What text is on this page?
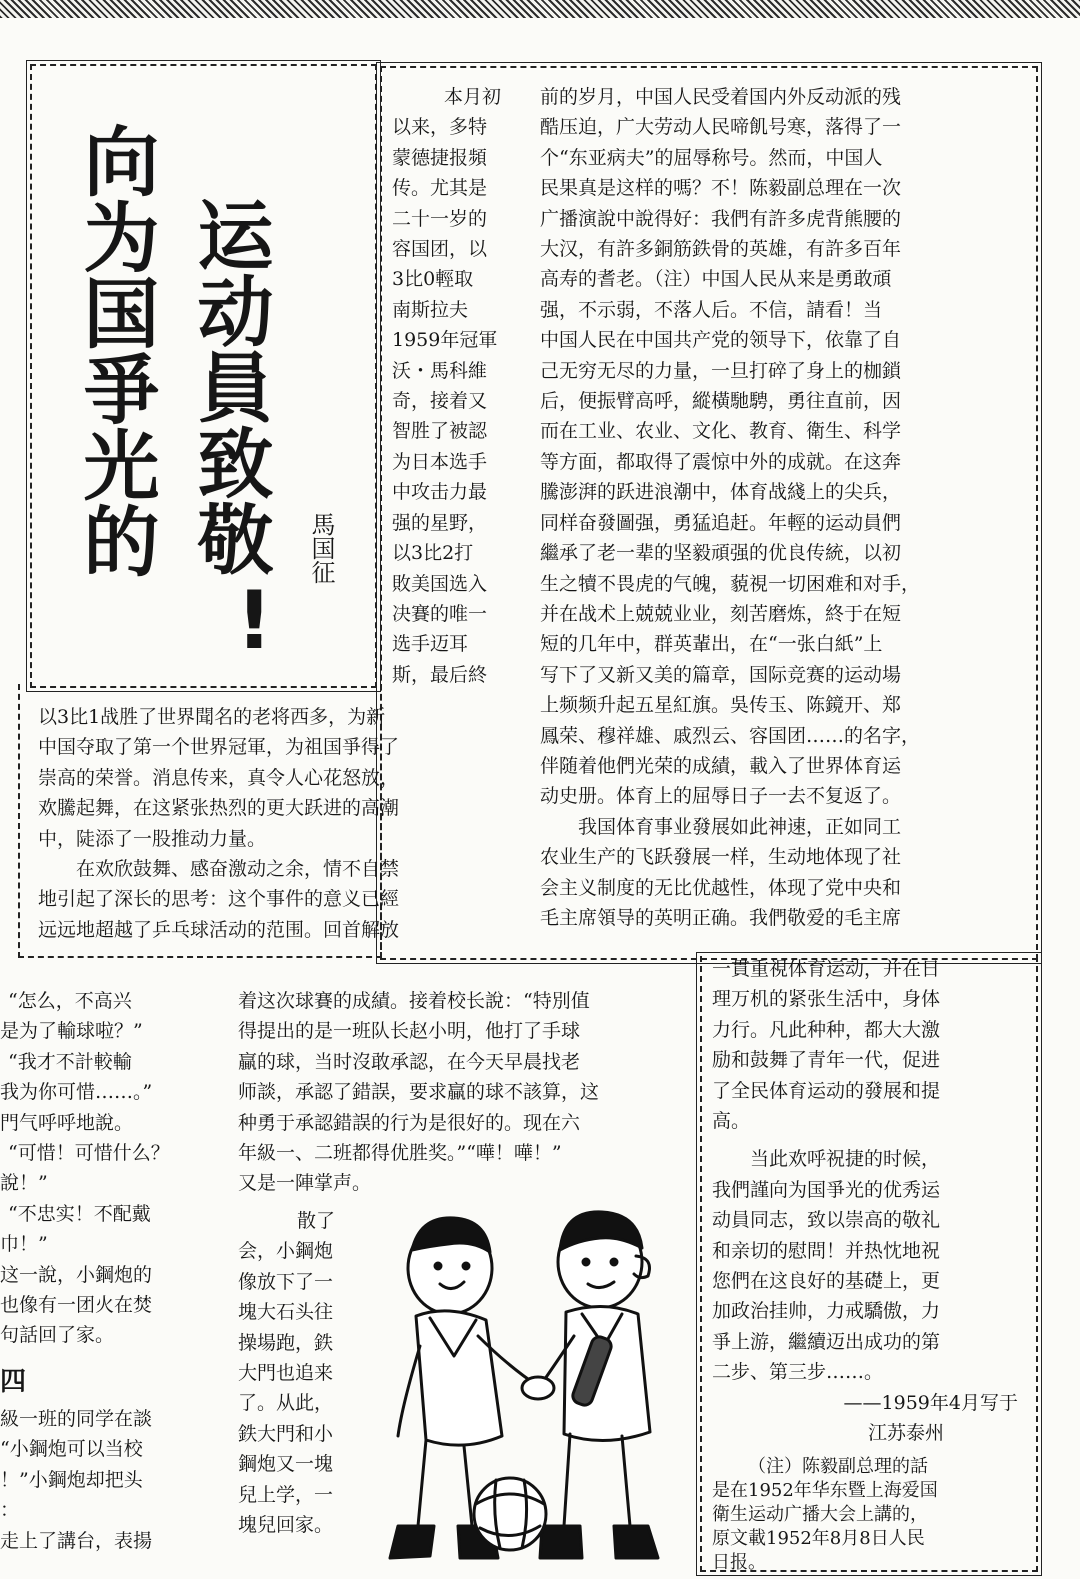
向为国爭光的 运动員致敬
!
馬国征
本月初
以来，多特
蒙德捷报頻
传。尤其是
二十一岁的
容国团，以
3比0輕取
南斯拉夫
1959年冠軍
沃・馬科維
奇，接着又
智胜了被認
为日本选手
中攻击力最
强的星野，
以3比2打
敗美国选入
决賽的唯一
选手迈耳
斯，最后終
以3比1战胜了世界聞名的老将西多，为新
中国夺取了第一个世界冠軍，为祖国爭得了
崇高的荣誉。消息传来，真令人心花怒放，
欢騰起舞，在这紧张热烈的更大跃进的高潮
中，陡添了一股推动力量。
　　在欢欣鼓舞、感奋激动之余，情不自禁
地引起了深长的思考：这个事件的意义已經
远远地超越了乒乓球活动的范围。回首解放
前的岁月，中国人民受着国内外反动派的残
酷压迫，广大劳动人民啼飢号寒，落得了一
个“东亚病夫”的屈辱称号。然而，中国人
民果真是这样的嗎？不！陈毅副总理在一次
广播演說中說得好：我們有許多虎背熊腰的
大汉，有許多銅筋鉄骨的英雄，有許多百年
高寿的耆老。（注）中国人民从来是勇敢頑
强，不示弱，不落人后。不信，請看！当
中国人民在中国共产党的领导下，依靠了自
己无穷无尽的力量，一旦打碎了身上的枷鎖
后，便振臂高呼，縱橫馳騁，勇往直前，因
而在工业、农业、文化、教育、衛生、科学
等方面，都取得了震惊中外的成就。在这奔
騰澎湃的跃进浪潮中，体育战綫上的尖兵，
同样奋發圖强，勇猛追赶。年輕的运动員們
繼承了老一辈的坚毅頑强的优良传統，以初
生之犢不畏虎的气魄，藐視一切困难和对手，
并在战术上兢兢业业，刻苦磨炼，終于在短
短的几年中，群英輩出，在“一张白紙”上
写下了又新又美的篇章，国际竞赛的运动場
上频频升起五星紅旗。吳传玉、陈鏡开、郑
鳳荣、穆祥雄、戚烈云、容国团……的名字，
伴随着他們光荣的成績，載入了世界体育运
动史册。体育上的屈辱日子一去不复返了。
　　我国体育事业發展如此神速，正如同工
农业生产的飞跃發展一样，生动地体现了社
会主义制度的无比优越性，体现了党中央和
毛主席領导的英明正确。我們敬爱的毛主席
一貫重視体育运动，并在日
理万机的紧张生活中，身体
力行。凡此种种，都大大激
励和鼓舞了青年一代，促进
了全民体育运动的發展和提
高。
　　当此欢呼祝捷的时候，
我們謹向为国爭光的优秀运
动員同志，致以崇高的敬礼
和亲切的慰問！并热忱地祝
您們在这良好的基礎上，更
加政治挂帅，力戒驕傲，力
爭上游，繼續迈出成功的第
二步、第三步……。
——1959年4月写于
江苏泰州
（注）陈毅副总理的話
是在1952年华东暨上海爱国
衛生运动广播大会上講的，
原文載1952年8月8日人民
日报。
“怎么，不高兴
是为了輸球啦？”
“我才不計較輸
我为你可惜……。”
門气呼呼地說。
“可惜！可惜什么？
說！”
“不忠实！不配戴
巾！”
这一說，小鋼炮的
也像有一团火在焚
句話回了家。
四
級一班的同学在談
“小鋼炮可以当校
！”小鋼炮却把头
：
走上了講台，表揚
着这次球賽的成績。接着校长說：“特別值
得提出的是一班队长赵小明，他打了手球
贏的球，当时沒敢承認，在今天早晨找老
师談，承認了錯誤，要求贏的球不該算，这
种勇于承認錯誤的行为是很好的。现在六
年級一、二班都得优胜奖。”“嘩！嘩！”
又是一陣掌声。
　散了
会，小鋼炮
像放下了一
塊大石头往
操場跑，鉄
大門也追来
了。从此，
鉄大門和小
鋼炮又一塊
兒上学，一
塊兒回家。
